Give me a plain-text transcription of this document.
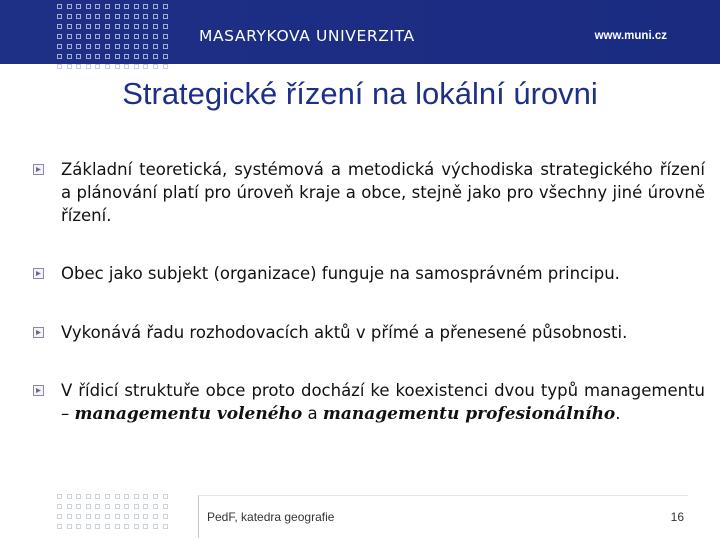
MASARYKOVA UNIVERZITA	www.muni.cz
Strategické řízení na lokální úrovni
Základní teoretická, systémová a metodická východiska strategického řízení a plánování platí pro úroveň kraje a obce, stejně jako pro všechny jiné úrovně řízení.
Obec jako subjekt (organizace) funguje na samosprávném principu.
Vykonává řadu rozhodovacích aktů v přímé a přenesené působnosti.
V řídicí struktuře obce proto dochází ke koexistenci dvou typů managementu – managementu voleného a managementu profesionálního.
PedF, katedra geografie	16
